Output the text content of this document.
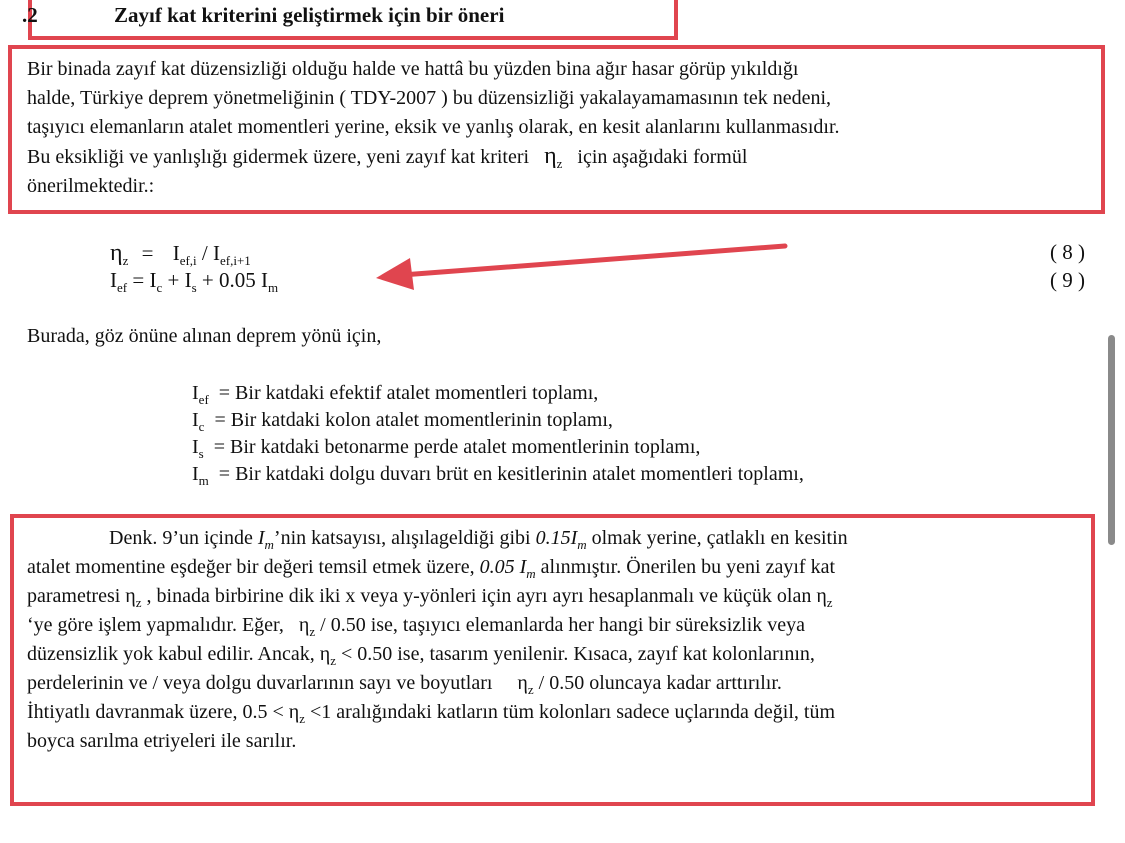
.2	Zayıf kat kriterini geliştirmek için bir öneri

Bir binada zayıf kat düzensizliği olduğu halde ve hattâ bu yüzden bina ağır hasar görüp yıkıldığı

halde, Türkiye deprem yönetmeliğinin ( TDY-2007 ) bu düzensizliği yakalayamamasının tek nedeni,

taşıyıcı elemanların atalet momentleri yerine, eksik ve yanlış olarak, en kesit alanlarını kullanmasıdır.

Bu eksikliği ve yanlışlığı gidermek üzere, yeni zayıf kat kriteri $\eta_z$ için aşağıdaki formül

önerilmektedir.:

$\eta_z = I_{ef,i} / I_{ef,i+1}$	( 8 )
$I_{ef} = I_c + I_s + 0.05$ $I_m$	( 9 )
Burada, göz önüne alınan deprem yönü için,
$I_{ef}$ = Bir katdaki efektif atalet momentleri toplamı,
$I_c$ = Bir katdaki kolon atalet momentlerinin toplamı,
$I_s$ = Bir katdaki betonarme perde atalet momentlerinin toplamı,
$I_m$ = Bir katdaki dolgu duvarı brüt en kesitlerinin atalet momentleri toplamı,
Denk. 9’un içinde $I_m’nin$ katsayısı, alışılageldiği gibi $0.15I_m$ olmak yerine, çatlaklı en kesitin
atalet momentine eşdeğer bir değeri temsil etmek üzere, 0.05 $I_m$ alınmıştır. Önerilen bu yeni zayıf kat
parametresi $\eta_z$ , binada birbirine dik iki x veya y-yönleri için ayrı ayrı hesaplanmalı ve küçük olan $\eta_z$
‘ye göre işlem yapmalıdır. Eğer, $\eta_z / 0.50$ ise, taşıyıcı elemanlarda her hangi bir süreksizlik veya
düzensizlik yok kabul edilir. Ancak, $\eta_z < 0.50$ ise, tasarım yenilenir. Kısaca, zayıf kat kolonlarının,
perdelerinin ve / veya dolgu duvarlarının sayı ve boyutları $\eta_z / 0.50$ oluncaya kadar arttırılır.
İhtiyatlı davranmak üzere, $0.5 < \eta_z <1$ aralığındaki katların tüm kolonları sadece uçlarında değil, tüm
boyca sarılma etriyeleri ile sarılır.
